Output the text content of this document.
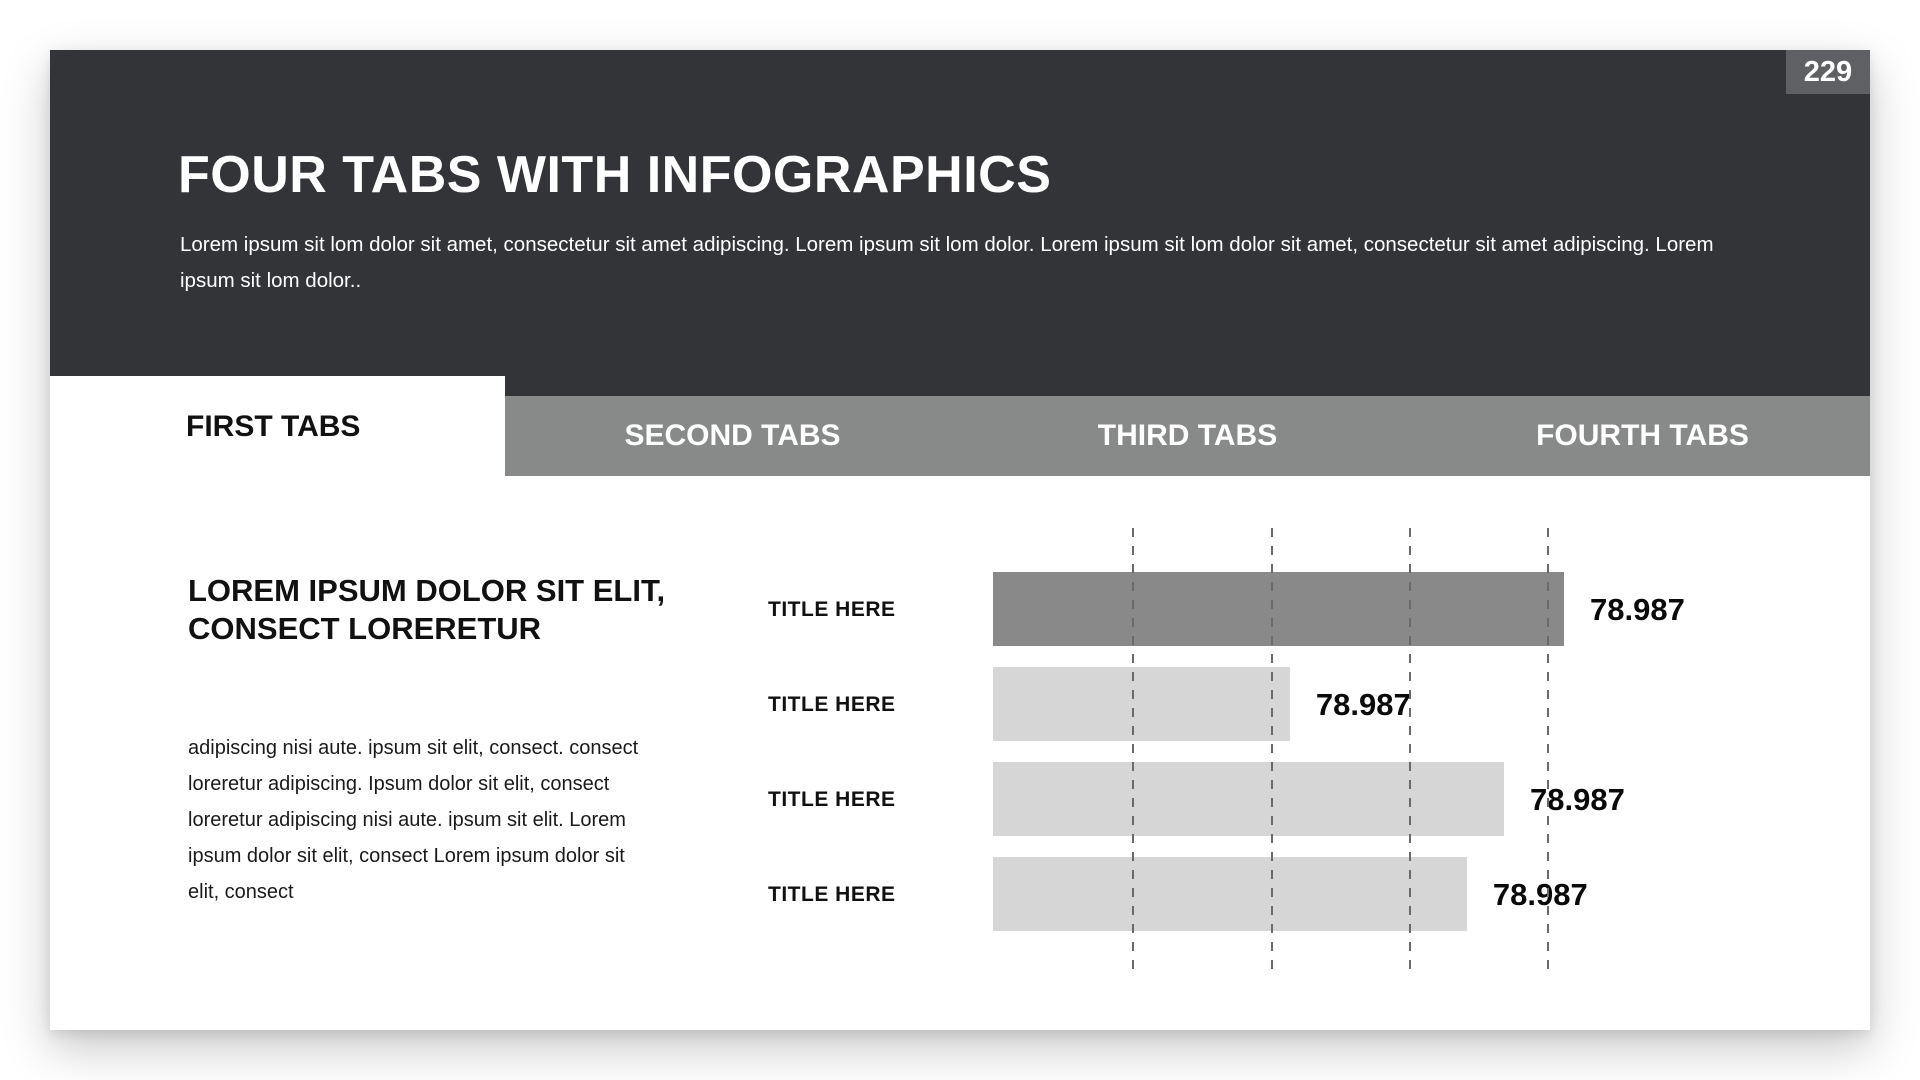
229
FOUR TABS WITH INFOGRAPHICS
Lorem ipsum sit lom dolor sit amet, consectetur sit amet adipiscing. Lorem ipsum sit lom dolor. Lorem ipsum sit lom dolor sit amet, consectetur sit amet adipiscing. Lorem ipsum sit lom dolor..
FIRST TABS	SECOND TABS	THIRD TABS	FOURTH TABS
LOREM IPSUM DOLOR SIT ELIT, CONSECT LORERETUR
adipiscing nisi aute. ipsum sit elit, consect. consect loreretur adipiscing. Ipsum dolor sit elit, consect loreretur adipiscing nisi aute. ipsum sit elit. Lorem ipsum dolor sit elit, consect Lorem ipsum dolor sit elit, consect
TITLE HERE	78.987
TITLE HERE	78.987
TITLE HERE	78.987
TITLE HERE	78.987
